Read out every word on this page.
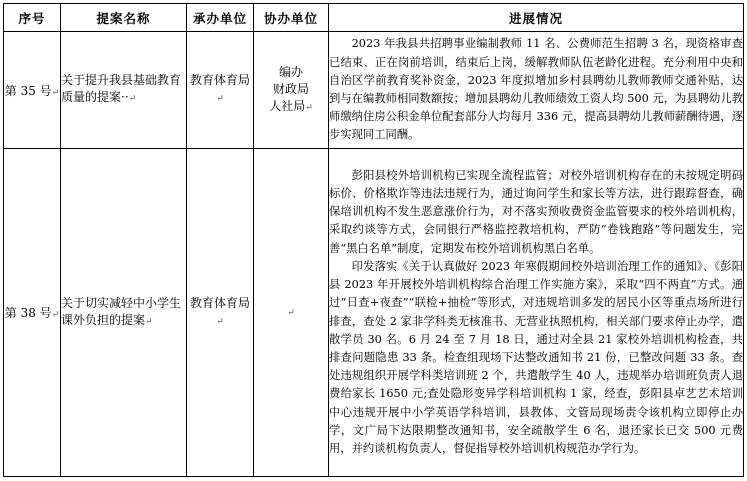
序号	提案名称	承办单位	协办单位	进展情况
第 35 号↵	关于提升我县基础教育质量的提案··↵	教育体育局↵	编办
财政局
人社局↵	2023 年我县共招聘事业编制教师 11 名、公费师范生招聘 3 名，现资格审查已结束、正在岗前培训，结束后上岗，缓解教师队伍老龄化进程。充分利用中央和自治区学前教育奖补资金，2023 年度拟增加乡村县聘幼儿教师教师交通补贴，达到与在编教师相同数额按；增加县聘幼儿教师绩效工资人均 500 元，为县聘幼儿教师缴纳住房公积金单位配套部分人均每月 336 元，提高县聘幼儿教师薪酬待遇，逐步实现同工同酬。

第 38 号↵	关于切实减轻中小学生课外负担的提案↵	教育体育局↵	↵	彭阳县校外培训机构已实现全流程监管；对校外培训机构存在的未按规定明码标价、价格欺诈等违法违规行为，通过询问学生和家长等方法，进行跟踪督查，确保培训机构不发生恶意涨价行为，对不落实预收费资金监管要求的校外培训机构，采取约谈等方式，会同银行严格监控教培机构，严防“卷钱跑路”等问题发生，完善“黑白名单”制度，定期发布校外培训机构黑白名单。

印发落实《关于认真做好 2023 年寒假期间校外培训治理工作的通知》、《彭阳县 2023 年开展校外培训机构综合治理工作实施方案》，采取“四不两直”方式。通过“日查+夜查”“联检+抽检”等形式，对违规培训多发的居民小区等重点场所进行排查，查处 2 家非学科类无核准书、无营业执照机构，相关部门要求停止办学，遣散学员 30 名。6 月 24 至 7 月 18 日，通过对全县 21 家校外培训机构检查，共排查问题隐患 33 条。检查组现场下达整改通知书 21 份，已整改问题 33 条。查处违规组织开展学科类培训班 2 个，共遣散学生 40 人，违规举办培训班负责人退费给家长 1650 元;查处隐形变异学科培训机构 1 家，经查，彭阳县卓艺艺术培训中心违规开展中小学英语学科培训，县教体、文管局现场责令该机构立即停止办学，文广局下达限期整改通知书，安全疏散学生 6 名，退还家长已交 500 元费用，并约谈机构负责人，督促指导校外培训机构规范办学行为。
